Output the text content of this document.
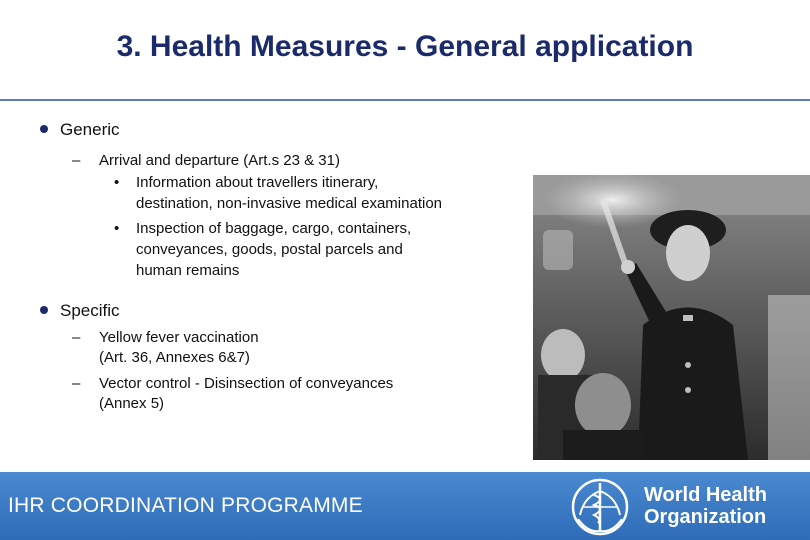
3. Health Measures - General application
Generic
– Arrival and departure (Art.s 23 & 31)
• Information about travellers itinerary,
destination, non-invasive medical examination
• Inspection of baggage, cargo, containers,
conveyances, goods, postal parcels and
human remains
Specific
– Yellow fever vaccination
(Art. 36, Annexes 6&7)
– Vector control - Disinsection of conveyances
(Annex 5)
IHR COORDINATION PROGRAMME	World Health
Organization
